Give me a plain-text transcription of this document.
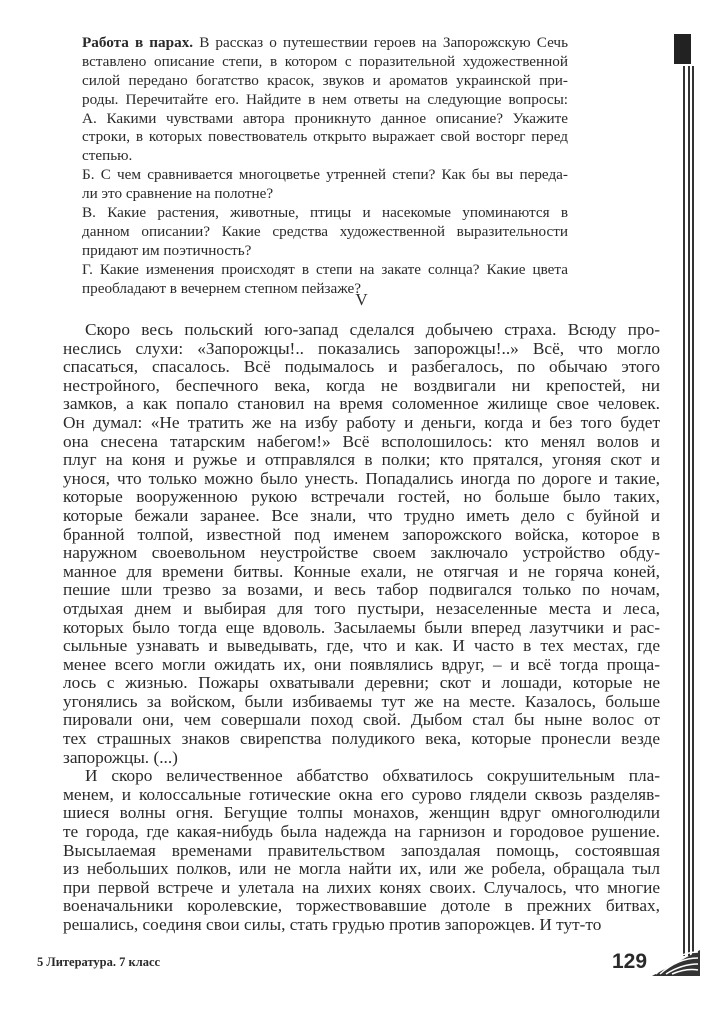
Работа в парах. В рассказ о путешествии героев на Запорожскую Сечь
вставлено описание степи, в котором с поразительной художественной
силой передано богатство красок, звуков и ароматов украинской при-
роды. Перечитайте его. Найдите в нем ответы на следующие вопросы:
А. Какими чувствами автора проникнуто данное описание? Укажите
строки, в которых повествователь открыто выражает свой восторг перед
степью.
Б. С чем сравнивается многоцветье утренней степи? Как бы вы переда-
ли это сравнение на полотне?
В. Какие растения, животные, птицы и насекомые упоминаются в
данном описании? Какие средства художественной выразительности
придают им поэтичность?
Г. Какие изменения происходят в степи на закате солнца? Какие цвета
преобладают в вечернем степном пейзаже?
V
Скоро весь польский юго-запад сделался добычею страха. Всюду про-
неслись слухи: «Запорожцы!.. показались запорожцы!..» Всё, что могло
спасаться, спасалось. Всё подымалось и разбегалось, по обычаю этого
нестройного, беспечного века, когда не воздвигали ни крепостей, ни
замков, а как попало становил на время соломенное жилище свое человек.
Он думал: «Не тратить же на избу работу и деньги, когда и без того будет
она снесена татарским набегом!» Всё всполошилось: кто менял волов и
плуг на коня и ружье и отправлялся в полки; кто прятался, угоняя скот и
унося, что только можно было унесть. Попадались иногда по дороге и такие,
которые вооруженною рукою встречали гостей, но больше было таких,
которые бежали заранее. Все знали, что трудно иметь дело с буйной и
бранной толпой, известной под именем запорожского войска, которое в
наружном своевольном неустройстве своем заключало устройство обду-
манное для времени битвы. Конные ехали, не отягчая и не горяча коней,
пешие шли трезво за возами, и весь табор подвигался только по ночам,
отдыхая днем и выбирая для того пустыри, незаселенные места и леса,
которых было тогда еще вдоволь. Засылаемы были вперед лазутчики и рас-
сыльные узнавать и выведывать, где, что и как. И часто в тех местах, где
менее всего могли ожидать их, они появлялись вдруг, – и всё тогда проща-
лось с жизнью. Пожары охватывали деревни; скот и лошади, которые не
угонялись за войском, были избиваемы тут же на месте. Казалось, больше
пировали они, чем совершали поход свой. Дыбом стал бы ныне волос от
тех страшных знаков свирепства полудикого века, которые пронесли везде
запорожцы. (...)
И скоро величественное аббатство обхватилось сокрушительным пла-
менем, и колоссальные готические окна его сурово глядели сквозь разделяв-
шиеся волны огня. Бегущие толпы монахов, женщин вдруг омноголюдили
те города, где какая-нибудь была надежда на гарнизон и городовое рушение.
Высылаемая временами правительством запоздалая помощь, состоявшая
из небольших полков, или не могла найти их, или же робела, обращала тыл
при первой встрече и улетала на лихих конях своих. Случалось, что многие
военачальники королевские, торжествовавшие дотоле в прежних битвах,
решались, соединя свои силы, стать грудью против запорожцев. И тут-то
5 Литература. 7 класс	129
